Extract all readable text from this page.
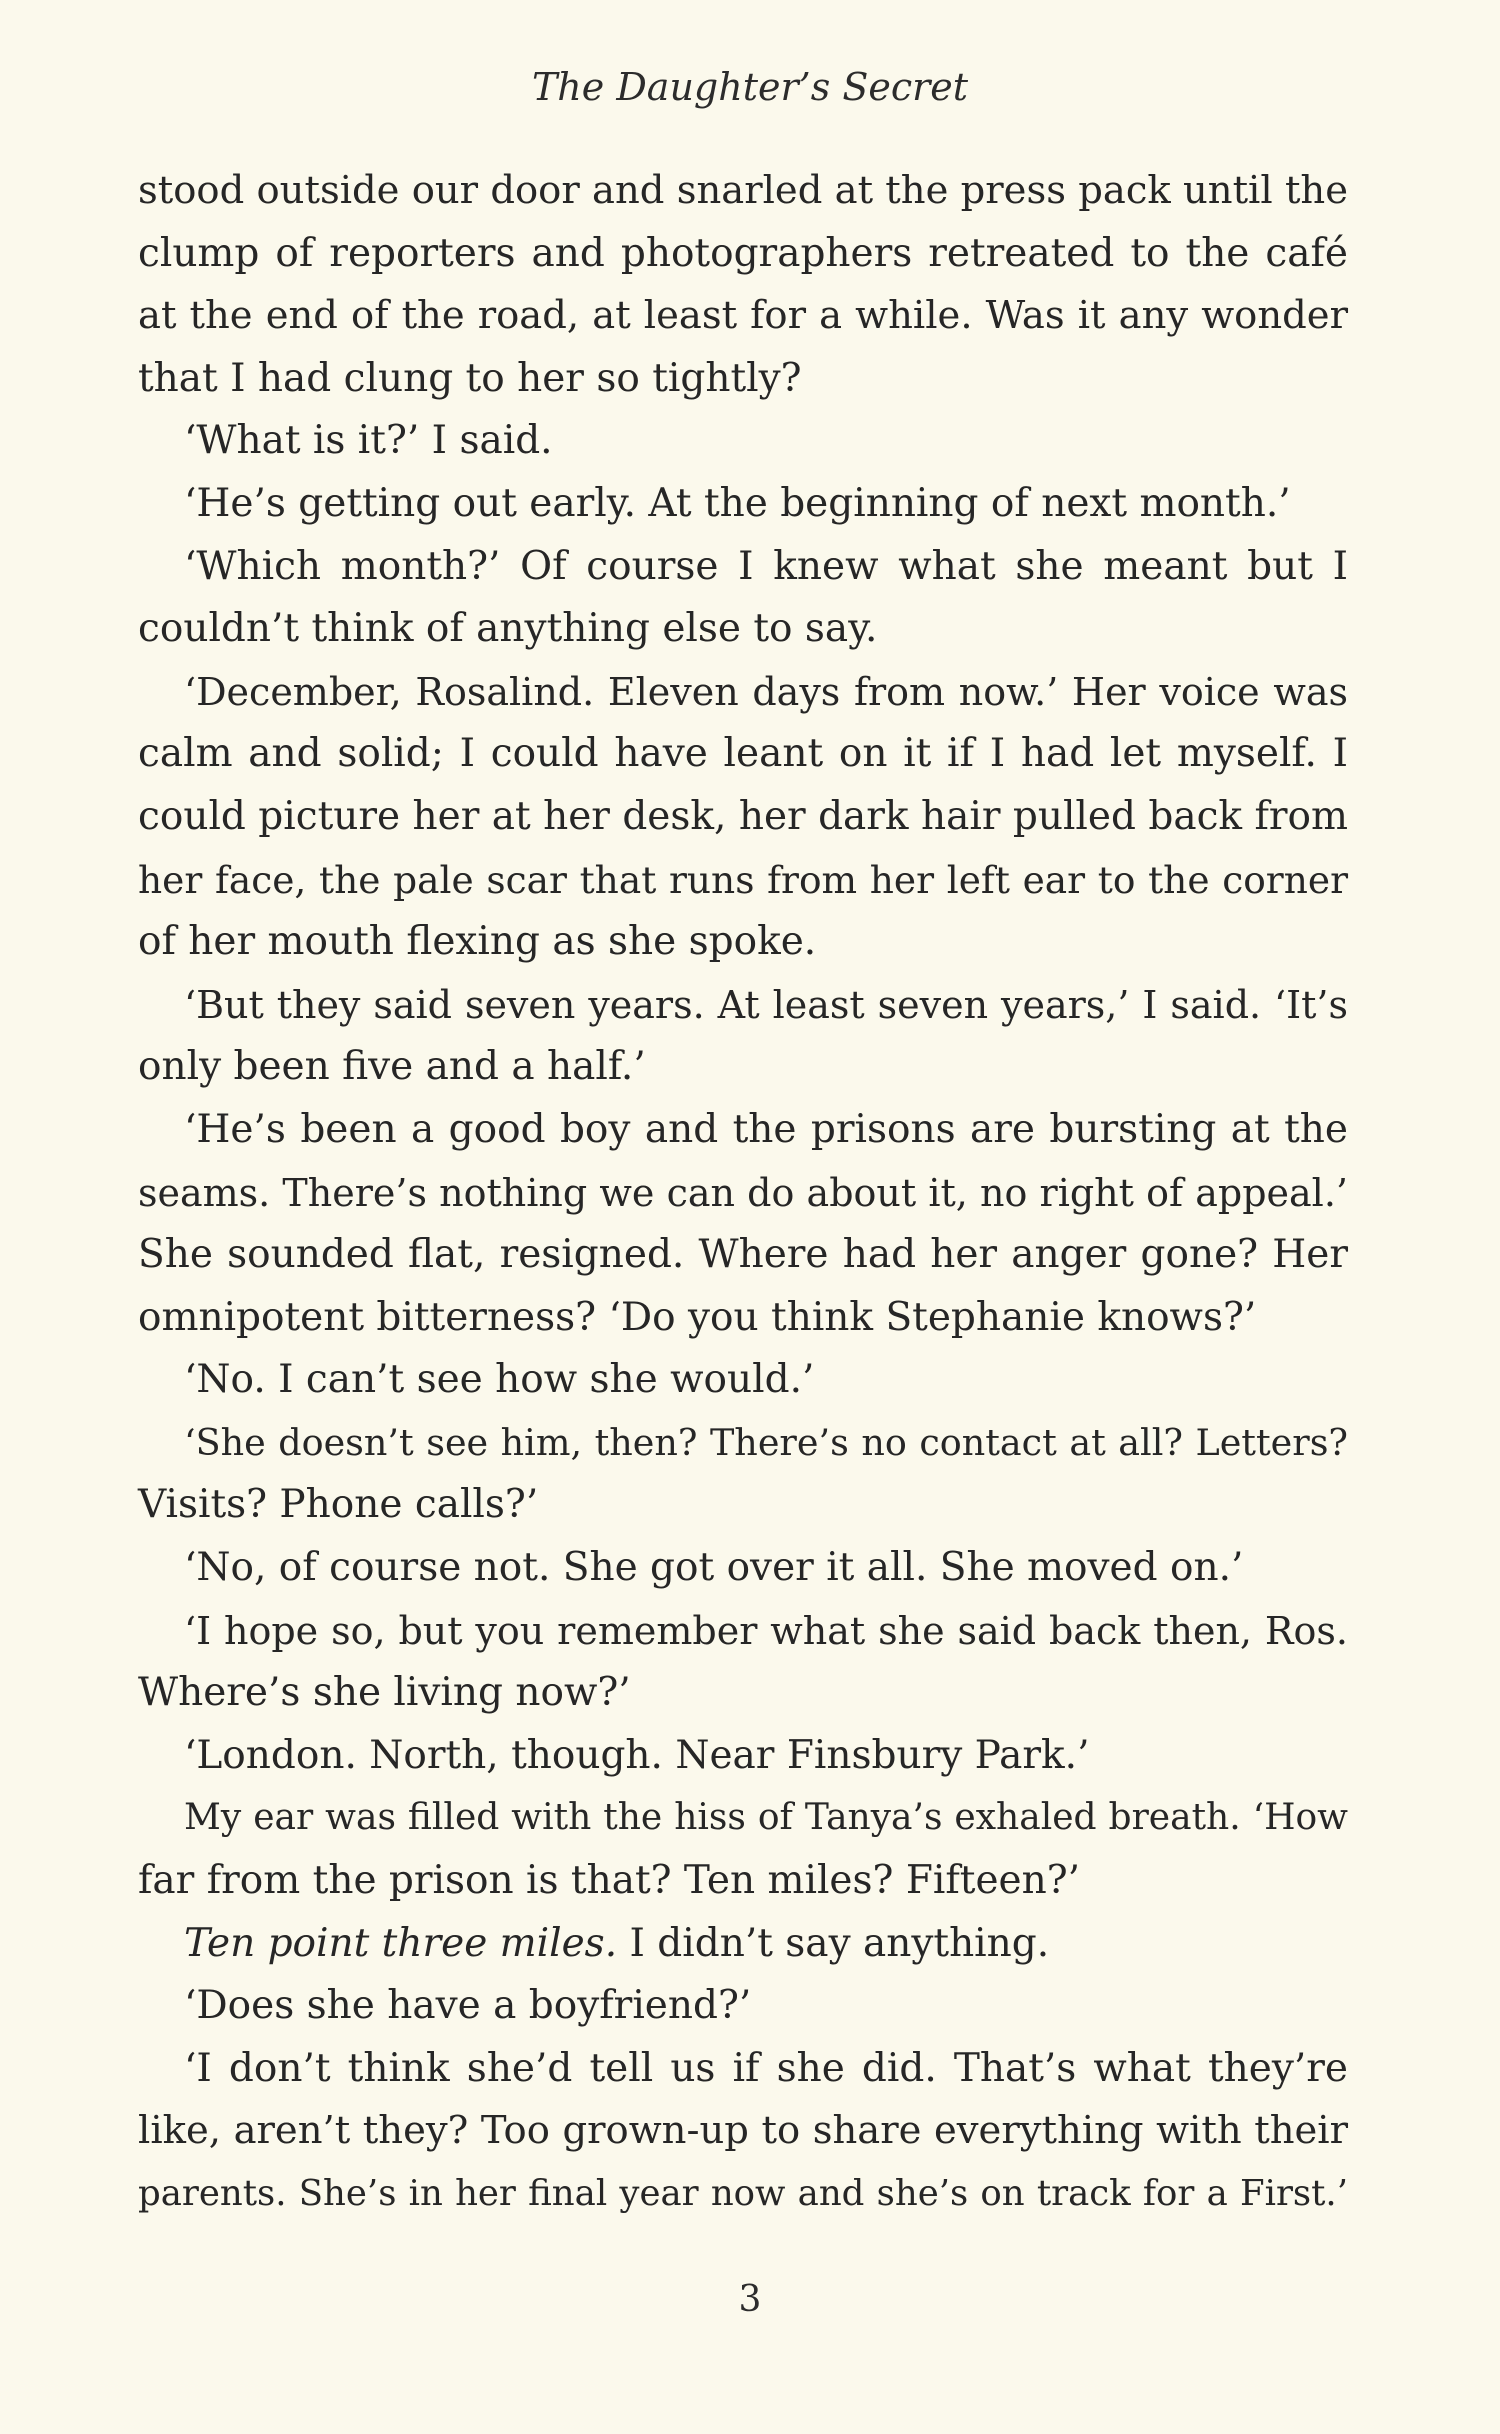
The Daughter’s Secret
stood outside our door and snarled at the press pack until the
clump of reporters and photographers retreated to the café
at the end of the road, at least for a while. Was it any wonder
that I had clung to her so tightly?
‘What is it?’ I said.
‘He’s getting out early. At the beginning of next month.’
‘Which month?’ Of course I knew what she meant but I
couldn’t think of anything else to say.
‘December, Rosalind. Eleven days from now.’ Her voice was
calm and solid; I could have leant on it if I had let myself. I
could picture her at her desk, her dark hair pulled back from
her face, the pale scar that runs from her left ear to the corner
of her mouth flexing as she spoke.
‘But they said seven years. At least seven years,’ I said. ‘It’s
only been five and a half.’
‘He’s been a good boy and the prisons are bursting at the
seams. There’s nothing we can do about it, no right of appeal.’
She sounded flat, resigned. Where had her anger gone? Her
omnipotent bitterness? ‘Do you think Stephanie knows?’
‘No. I can’t see how she would.’
‘She doesn’t see him, then? There’s no contact at all? Letters?
Visits? Phone calls?’
‘No, of course not. She got over it all. She moved on.’
‘I hope so, but you remember what she said back then, Ros.
Where’s she living now?’
‘London. North, though. Near Finsbury Park.’
My ear was filled with the hiss of Tanya’s exhaled breath. ‘How
far from the prison is that? Ten miles? Fifteen?’
Ten point three miles. I didn’t say anything.
‘Does she have a boyfriend?’
‘I don’t think she’d tell us if she did. That’s what they’re
like, aren’t they? Too grown-up to share everything with their
parents. She’s in her final year now and she’s on track for a First.’
3
